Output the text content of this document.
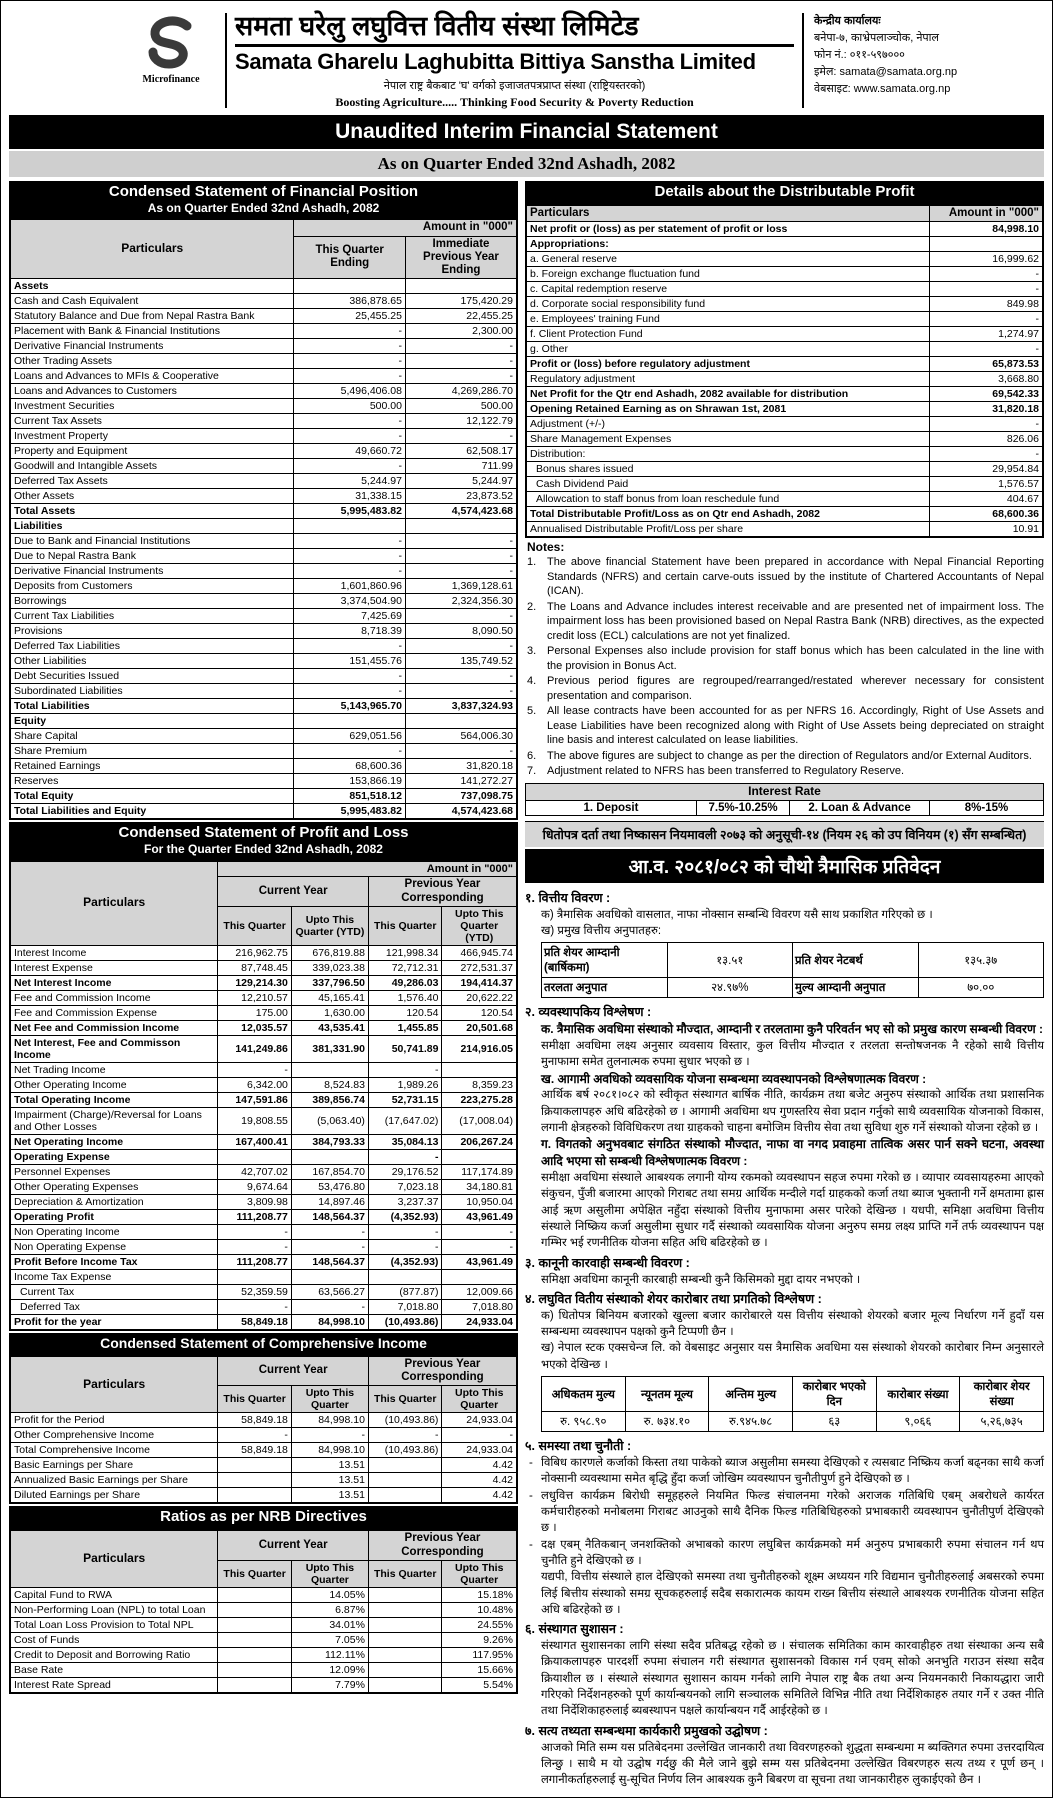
Microfinance
समता घरेलु लघुवित्त वितीय संस्था लिमिटेड
Samata Gharelu Laghubitta Bittiya Sanstha Limited
नेपाल राष्ट्र बैकबाट 'घ' वर्गको इजाजतपत्रप्राप्त संस्था (राष्ट्रियस्तरको)
Boosting Agriculture..... Thinking Food Security & Poverty Reduction
केन्द्रीय कार्यालयः
बनेपा-७, काभ्रेपलाञ्चोक, नेपाल
फोन नं.: ०११-५९७०००
इमेल: samata@samata.org.np
वेबसाइट: www.samata.org.np
Unaudited Interim Financial Statement
As on Quarter Ended 32nd Ashadh, 2082
Condensed Statement of Financial Position
As on Quarter Ended 32nd Ashadh, 2082
Particulars	Amount in "000"	
	This Quarter Ending	Immediate Previous Year Ending
Assets		
Cash and Cash Equivalent	386,878.65	175,420.29
Statutory Balance and Due from Nepal Rastra Bank	25,455.25	22,455.25
Placement with Bank & Financial Institutions	-	2,300.00
Derivative Financial Instruments	-	-
Other Trading Assets	-	-
Loans and Advances to MFIs & Cooperative	-	-
Loans and Advances to Customers	5,496,406.08	4,269,286.70
Investment Securities	500.00	500.00
Current Tax Assets	-	12,122.79
Investment Property	-	-
Property and Equipment	49,660.72	62,508.17
Goodwill and Intangible Assets	-	711.99
Deferred Tax Assets	5,244.97	5,244.97
Other Assets	31,338.15	23,873.52
Total Assets	5,995,483.82	4,574,423.68
Liabilities		
Due to Bank and Financial Institutions	-	-
Due to Nepal Rastra Bank	-	-
Derivative Financial Instruments	-	-
Deposits from Customers	1,601,860.96	1,369,128.61
Borrowings	3,374,504.90	2,324,356.30
Current Tax Liabilities	7,425.69	-
Provisions	8,718.39	8,090.50
Deferred Tax Liabilities	-	-
Other Liabilities	151,455.76	135,749.52
Debt Securities Issued	-	-
Subordinated Liabilities	-	-
Total Liabilities	5,143,965.70	3,837,324.93
Equity		
Share Capital	629,051.56	564,006.30
Share Premium	-	-
Retained Earnings	68,600.36	31,820.18
Reserves	153,866.19	141,272.27
Total Equity	851,518.12	737,098.75
Total Liabilities and Equity	5,995,483.82	4,574,423.68
Condensed Statement of Profit and Loss
For the Quarter Ended 32nd Ashadh, 2082
Particulars	Amount in "000"			
	Current Year		Previous Year Corresponding	
	This Quarter	Upto This Quarter (YTD)	This Quarter	Upto This Quarter (YTD)
Interest Income	216,962.75	676,819.88	121,998.34	466,945.74
Interest Expense	87,748.45	339,023.38	72,712.31	272,531.37
Net Interest Income	129,214.30	337,796.50	49,286.03	194,414.37
Fee and Commission Income	12,210.57	45,165.41	1,576.40	20,622.22
Fee and Commission Expense	175.00	1,630.00	120.54	120.54
Net Fee and Commission Income	12,035.57	43,535.41	1,455.85	20,501.68
Net Interest, Fee and Commisson Income	141,249.86	381,331.90	50,741.89	214,916.05
Net Trading Income	-		-	
Other Operating Income	6,342.00	8,524.83	1,989.26	8,359.23
Total Operating Income	147,591.86	389,856.74	52,731.15	223,275.28
Impairment (Charge)/Reversal for Loans and Other Losses	19,808.55	(5,063.40)	(17,647.02)	(17,008.04)
Net Operating Income	167,400.41	384,793.33	35,084.13	206,267.24
Operating Expense			-	
Personnel Expenses	42,707.02	167,854.70	29,176.52	117,174.89
Other Operating Expenses	9,674.64	53,476.80	7,023.18	34,180.81
Depreciation & Amortization	3,809.98	14,897.46	3,237.37	10,950.04
Operating Profit	111,208.77	148,564.37	(4,352.93)	43,961.49
Non Operating Income	-	-	-	-
Non Operating Expense	-	-	-	-
Profit Before Income Tax	111,208.77	148,564.37	(4,352.93)	43,961.49
Income Tax Expense				
Current Tax	52,359.59	63,566.27	(877.87)	12,009.66
Deferred Tax	-	-	7,018.80	7,018.80
Profit for the year	58,849.18	84,998.10	(10,493.86)	24,933.04
Condensed Statement of Comprehensive Income
Particulars	Current Year		Previous Year Corresponding	
	This Quarter	Upto This Quarter	This Quarter	Upto This Quarter
Profit for the Period	58,849.18	84,998.10	(10,493.86)	24,933.04
Other Comprehensive Income	-	-	-	-
Total Comprehensive Income	58,849.18	84,998.10	(10,493.86)	24,933.04
Basic Earnings per Share		13.51		4.42
Annualized Basic Earnings per Share		13.51		4.42
Diluted Earnings per Share		13.51		4.42
Ratios as per NRB Directives
Particulars	Current Year		Previous Year Corresponding	
	This Quarter	Upto This Quarter	This Quarter	Upto This Quarter
Capital Fund to RWA		14.05%		15.18%
Non-Performing Loan (NPL) to total Loan		6.87%		10.48%
Total Loan Loss Provision to Total NPL		34.01%		24.55%
Cost of Funds		7.05%		9.26%
Credit to Deposit and Borrowing Ratio		112.11%		117.95%
Base Rate		12.09%		15.66%
Interest Rate Spread		7.79%		5.54%
Details about the Distributable Profit
Particulars	Amount in "000"
Net profit or (loss) as per statement of profit or loss	84,998.10
Appropriations:	
a. General reserve	16,999.62
b. Foreign exchange fluctuation fund	-
c. Capital redemption reserve	-
d. Corporate social responsibility fund	849.98
e. Employees' training Fund	-
f. Client Protection Fund	1,274.97
g. Other	-
Profit or (loss) before regulatory adjustment	65,873.53
Regulatory adjustment	3,668.80
Net Profit for the Qtr end Ashadh, 2082 available for distribution	69,542.33
Opening Retained Earning as on Shrawan 1st, 2081	31,820.18
Adjustment (+/-)	-
Share Management Expenses	826.06
Distribution:	-
Bonus shares issued	29,954.84
Cash Dividend Paid	1,576.57
Allowcation to staff bonus from loan reschedule fund	404.67
Total Distributable Profit/Loss as on Qtr end Ashadh, 2082	68,600.36
Annualised Distributable Profit/Loss per share	10.91
Notes:
1. The above financial Statement have been prepared in accordance with Nepal Financial Reporting Standards (NFRS) and certain carve-outs issued by the institute of Chartered Accountants of Nepal (ICAN).
2. The Loans and Advance includes interest receivable and are presented net of impairment loss. The impairment loss has been provisioned based on Nepal Rastra Bank (NRB) directives, as the expected credit loss (ECL) calculations are not yet finalized.
3. Personal Expenses also include provision for staff bonus which has been calculated in the line with the provision in Bonus Act.
4. Previous period figures are regrouped/rearranged/restated wherever necessary for consistent presentation and comparison.
5. All lease contracts have been accounted for as per NFRS 16. Accordingly, Right of Use Assets and Lease Liabilities have been recognized along with Right of Use Assets being depreciated on straight line basis and interest calculated on lease liabilities.
6. The above figures are subject to change as per the direction of Regulators and/or External Auditors.
7. Adjustment related to NFRS has been transferred to Regulatory Reserve.
Interest Rate
1. Deposit	7.5%-10.25%	2. Loan & Advance	8%-15%
धितोपत्र दर्ता तथा निष्कासन नियमावली २०७३ को अनुसूची-१४ (नियम २६ को उप विनियम (१) सँग सम्बन्धित)
आ.व. २०८१/०८२ को चौथो त्रैमासिक प्रतिवेदन
१. वित्तीय विवरण :
क) त्रैमासिक अवधिको वासलात, नाफा नोक्सान सम्बन्धि विवरण यसै साथ प्रकाशित गरिएको छ ।
ख) प्रमुख वित्तीय अनुपातहरु:
प्रति शेयर आम्दानी (बार्षिकमा)	१३.५१	प्रति शेयर नेटबर्थ	१३५.३७
तरलता अनुपात	२४.९७%	मुल्य आम्दानी अनुपात	७०.००
२. व्यवस्थापकिय विश्लेषण :
क. त्रैमासिक अवधिमा संस्थाको मौज्दात, आम्दानी र तरलतामा कुनै परिवर्तन भए सो को प्रमुख कारण सम्बन्धी विवरण :
समीक्षा अवधिमा लक्ष्य अनुसार व्यवसाय विस्तार, कुल वित्तीय मौज्दात र तरलता सन्तोषजनक नै रहेको साथै वित्तीय मुनाफामा समेत तुलनात्मक रुपमा सुधार भएको छ ।
ख. आगामी अवधिको व्यवसायिक योजना सम्बन्धमा व्यवस्थापनको विश्लेषणात्मक विवरण :
आर्थिक बर्ष २०८१।०८२ को स्वीकृत संस्थागत बार्षिक नीति, कार्यक्रम तथा बजेट अनुरुप संस्थाको आर्थिक तथा प्रशासनिक क्रियाकलापहरु अधि बढिरहेको छ । आगामी अवधिमा थप गुणस्तरिय सेवा प्रदान गर्नुको साथै व्यवसायिक योजनाको विकास, लगानी क्षेत्रहरुको विविधिकरण तथा ग्राहकको चाहना बमोजिम वित्तीय सेवा तथा सुविधा शुरु गर्ने संस्थाको योजना रहेको छ ।
ग. विगतको अनुभवबाट संगठित संस्थाको मौज्दात, नाफा वा नगद प्रवाहमा तात्विक असर पार्न सक्ने घटना, अवस्था आदि भएमा सो सम्बन्धी विश्लेषणात्मक विवरण :
समीक्षा अवधिमा संस्थाले आबश्यक लगानी योग्य रकमको व्यवस्थापन सहज रुपमा गरेको छ । व्यापार व्यवसायहरुमा आएको संकुचन, पुँजी बजारमा आएको गिराबट तथा समग्र आर्थिक मन्दीले गर्दा ग्राहकको कर्जा तथा ब्याज भुक्तानी गर्ने क्षमतामा ह्रास आई ऋण असुलीमा अपेक्षित नहुँदा संस्थाको वित्तीय मुनाफामा असर पारेको देखिन्छ । यधपी, समिक्षा अवधिमा वित्तीय संस्थाले निष्क्रिय कर्जा असुलीमा सुधार गर्दै संस्थाको व्यवसायिक योजना अनुरुप समग्र लक्ष्य प्राप्ति गर्ने तर्फ व्यवस्थापन पक्ष गम्भिर भई रणनीतिक योजना सहित अधि बढिरहेको छ ।
३. कानूनी कारवाही सम्बन्धी विवरण :
समिक्षा अवधिमा कानूनी कारबाही सम्बन्धी कुनै किसिमको मुद्दा दायर नभएको ।
४. लघुवित वितीय संस्थाको शेयर कारोबार तथा प्रगतिको विश्लेषण :
क) धितोपत्र बिनियम बजारको खुल्ला बजार कारोबारले यस वित्तीय संस्थाको शेयरको बजार मूल्य निर्धारण गर्ने हुदाँ यस सम्बन्धमा व्यवस्थापन पक्षको कुनै टिप्पणी छैन ।
ख) नेपाल स्टक एक्सचेन्ज लि. को वेबसाइट अनुसार यस त्रैमासिक अवधिमा यस संस्थाको शेयरको कारोबार निम्न अनुसारले भएको देखिन्छ ।
अधिकतम मुल्य	न्यूनतम मूल्य	अन्तिम मुल्य	कारोबार भएको दिन	कारोबार संख्या	कारोबार शेयर संख्या
रु. ९५८.९०	रु. ७३४.१०	रु.९४५.७८	६३	९,०६६	५,२६,७३५
५. समस्या तथा चुनौती :
- विबिध कारणले कर्जाको किस्ता तथा पाकेको ब्याज असुलीमा समस्या देखिएको र त्यसबाट निष्क्रिय कर्जा बढ्नका साथै कर्जा नोक्सानी व्यवस्थामा समेत बृद्धि हुँदा कर्जा जोखिम व्यवस्थापन चुनौतीपुर्ण हुने देखिएको छ ।
- लधुवित्त कार्यक्रम बिरोधी समूहहरुले नियमित फिल्ड संचालनमा गरेको अराजक गतिबिधि एबम् अबरोधले कार्यरत कर्मचारीहरुको मनोबलमा गिराबट आउनुको साथै दैनिक फिल्ड गतिबिधिहरुको प्रभाबकारी व्यवस्थापन चुनौतीपुर्ण देखिएको छ ।
- दक्ष एबम् नैतिकबान् जनशक्तिको अभाबको कारण लघुबित्त कार्यक्रमको मर्म अनुरुप प्रभाबकारी रुपमा संचालन गर्न थप चुनौति हुने देखिएको छ ।
यद्यपी, वित्तीय संस्थाले हाल देखिएको समस्या तथा चुनौतीहरुको शूक्ष्म अध्ययन गरि विद्यमान चुनौतीहरुलाई अबसरको रुपमा लिई बित्तीय संस्थाको समग्र सूचकहरुलाई सदैब सकारात्मक कायम राख्न बित्तीय संस्थाले आबश्यक रणनीतिक योजना सहित अधि बढिरहेको छ ।
६. संस्थागत सुशासन :
संस्थागत सुशासनका लागि संस्था सदैव प्रतिबद्ध रहेको छ । संचालक समितिका काम कारवाहीहरु तथा संस्थाका अन्य सबै क्रियाकलापहरु पारदर्शी रुपमा संचालन गरी संस्थागत सुशासनको विकास गर्न एवम् सोको अनभुति गराउन संस्था सदैव क्रियाशील छ । संस्थाले संस्थागत सुशासन कायम गर्नको लागि नेपाल राष्ट्र बैक तथा अन्य नियमनकारी निकायद्धारा जारी गरिएको निर्देशनहरुको पूर्ण कार्यान्बयनको लागि सञ्चालक समितिले विभिन्न नीति तथा निर्देशिकाहरु तयार गर्ने र उक्त नीति तथा निर्देशिकाहरुलाई ब्यबस्थापन पक्षले कार्यान्बयन गर्दै आईरहेको छ ।
७. सत्य तथ्यता सम्बन्धमा कार्यकारी प्रमुखको उद्घोषण :
आजको मिति सम्म यस प्रतिबेदनमा उल्लेखित जानकारी तथा विवरणहरुको शुद्धता सम्बन्धमा म ब्यक्तिगत रुपमा उत्तरदायित्व लिन्छु । साथै म यो उद्घोष गर्दछु की मैले जाने बुझे सम्म यस प्रतिबेदनमा उल्लेखित विबरणहरु सत्य तथ्य र पूर्ण छन् । लगानीकर्ताहरुलाई सु-सूचित निर्णय लिन आबश्यक कुनै बिबरण वा सूचना तथा जानकारीहरु लुकाईएको छैन ।
